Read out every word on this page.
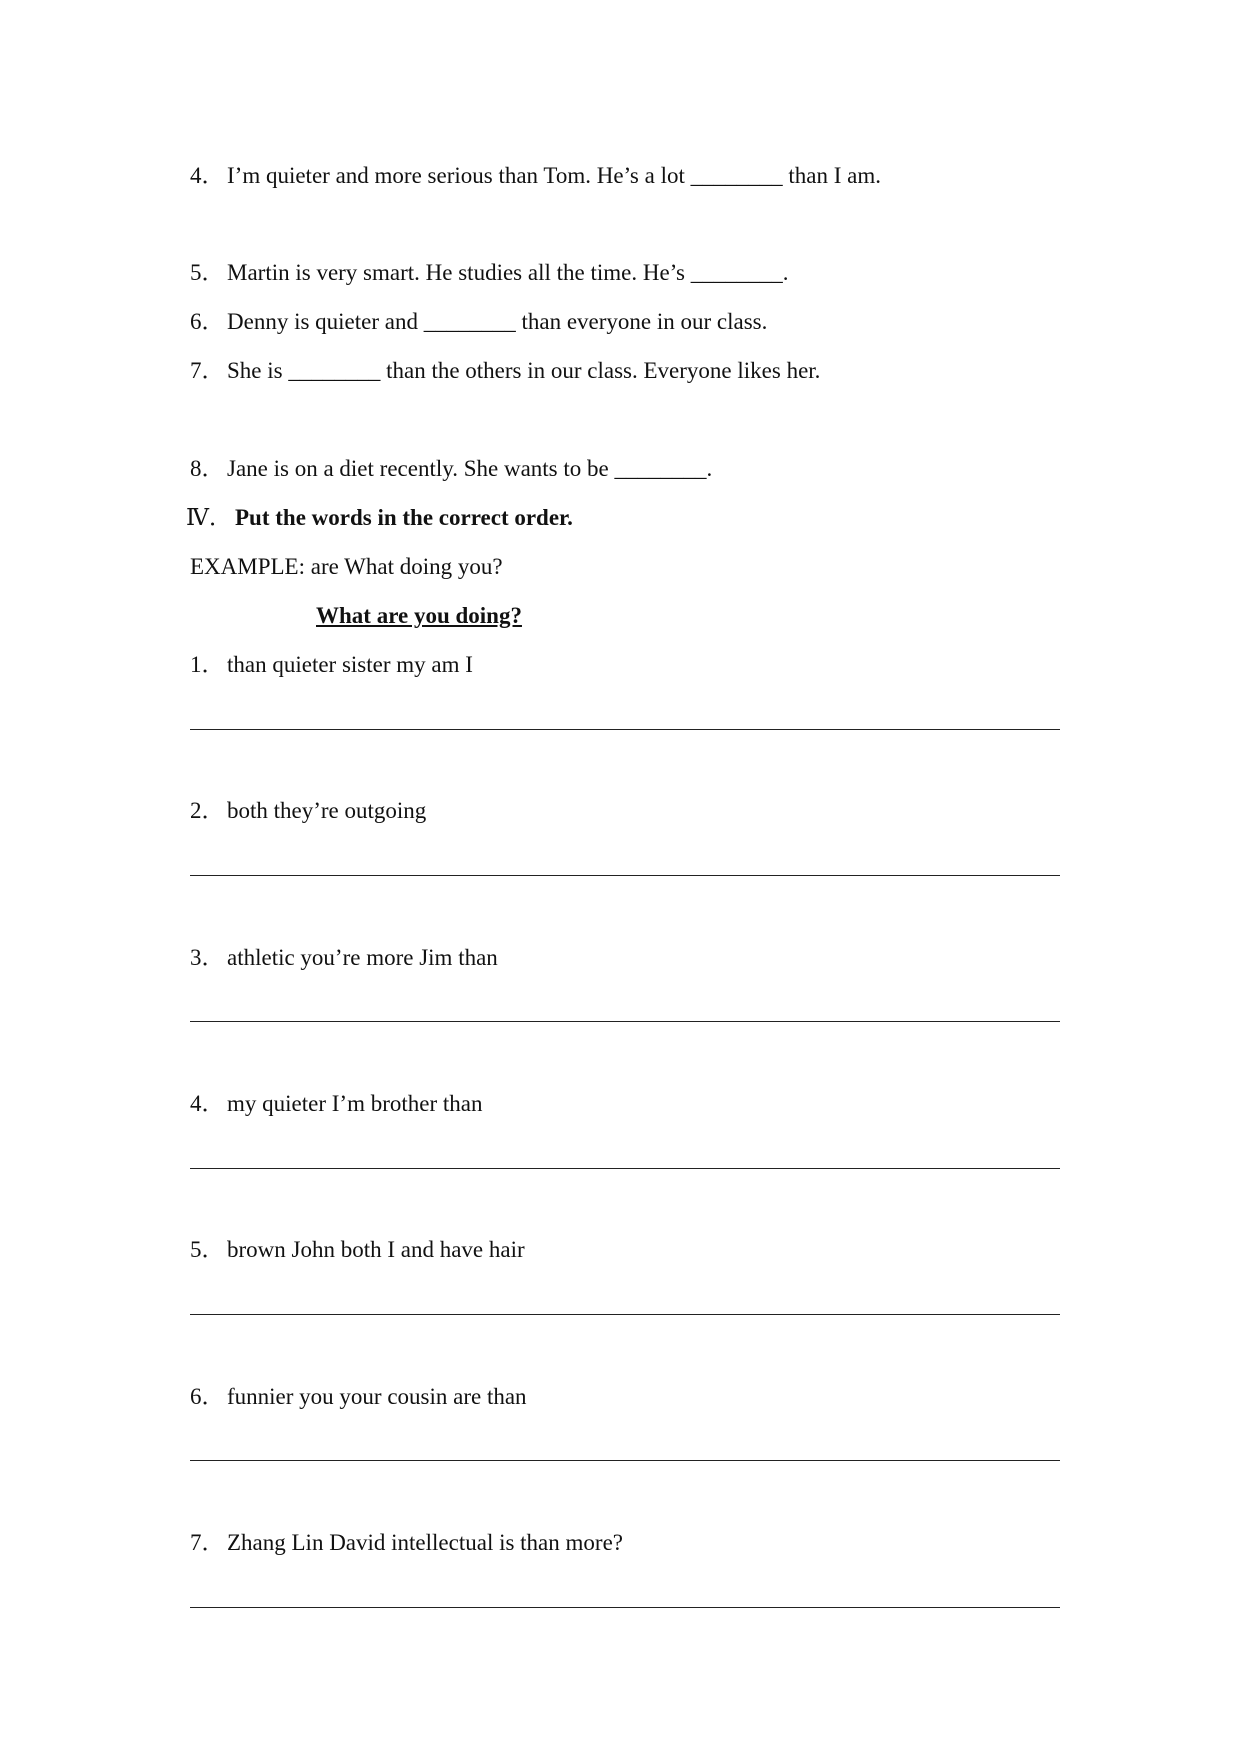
4． I’m quieter and more serious than Tom. He’s a lot ________ than I am.
5． Martin is very smart. He studies all the time. He’s ________.
6． Denny is quieter and ________ than everyone in our class.
7． She is ________ than the others in our class. Everyone likes her.
8． Jane is on a diet recently. She wants to be ________.
Ⅳ． Put the words in the correct order.
EXAMPLE: are What doing you?
What are you doing?
1． than quieter sister my am I
2． both they’re outgoing
3． athletic you’re more Jim than
4． my quieter I’m brother than
5． brown John both I and have hair
6． funnier you your cousin are than
7． Zhang Lin David intellectual is than more?
